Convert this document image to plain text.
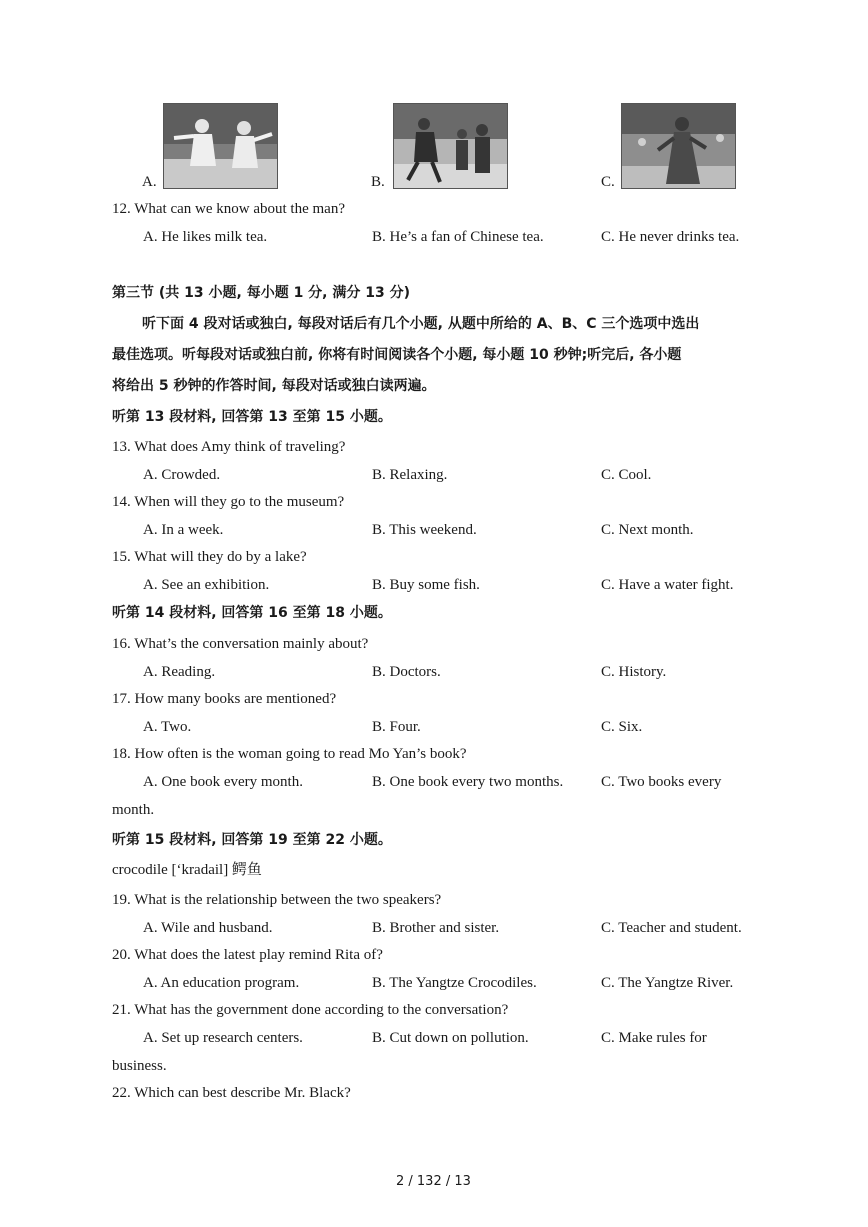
A.	B.	C.
12. What can we know about the man?
A. He likes milk tea.	B. He’s a fan of Chinese tea.	C. He never drinks tea.
第三节 (共 13 小题, 每小题 1 分, 满分 13 分)
听下面 4 段对话或独白, 每段对话后有几个小题, 从题中所给的 A、B、C 三个选项中选出
最佳选项。听每段对话或独白前, 你将有时间阅读各个小题, 每小题 10 秒钟;听完后, 各小题
将给出 5 秒钟的作答时间, 每段对话或独白读两遍。
听第 13 段材料, 回答第 13 至第 15 小题。
13. What does Amy think of traveling?
A. Crowded.	B. Relaxing.	C. Cool.
14. When will they go to the museum?
A. In a week.	B. This weekend.	C. Next month.
15. What will they do by a lake?
A. See an exhibition.	B. Buy some fish.	C. Have a water fight.
听第 14 段材料, 回答第 16 至第 18 小题。
16. What’s the conversation mainly about?
A. Reading.	B. Doctors.	C. History.
17. How many books are mentioned?
A. Two.	B. Four.	C. Six.
18. How often is the woman going to read Mo Yan’s book?
A. One book every month.	B. One book every two months.	C. Two books every
month.
听第 15 段材料, 回答第 19 至第 22 小题。
crocodile [‘kradail] 鳄鱼
19. What is the relationship between the two speakers?
A. Wile and husband.	B. Brother and sister.	C. Teacher and student.
20. What does the latest play remind Rita of?
A. An education program.	B. The Yangtze Crocodiles.	C. The Yangtze River.
21. What has the government done according to the conversation?
A. Set up research centers.	B. Cut down on pollution.	C. Make rules for
business.
22. Which can best describe Mr. Black?
2 / 132 / 13
